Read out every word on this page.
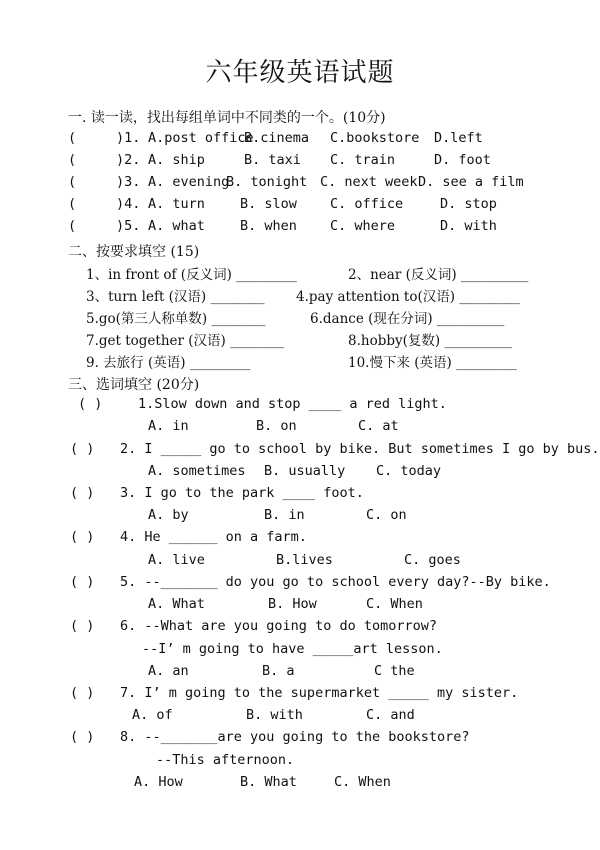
六年级英语试题
一. 读一读，找出每组单词中不同类的一个。(10分)
(	)1. A.post office
B.cinema C.bookstore D.left
(	)2. A. ship	B. taxi C. train	D. foot
(	)3. A. evening
B. tonight C. next week D. see a film
(	)4. A. turn	B. slow C. office	D. stop
(	)5. A. what	B. when C. where	D. with
二、按要求填空 (15)
1、in front of (反义词) _________	2、near (反义词) __________
3、turn left (汉语) ________ 4.pay attention to(汉语) _________
5.go(第三人称单数) ________	6.dance (现在分词) __________
7.get together (汉语) ________	8.hobby(复数) __________
9. 去旅行 (英语) _________	10.慢下来 (英语) _________
三、选词填空 (20分)
( )	1.Slow down and stop ____ a red light.
A. in	B. on	C. at
( ) 2. I _____ go to school by bike. But sometimes I go by bus.
A. sometimes B. usually C. today
( ) 3. I go to the park ____ foot.
A. by	B. in	C. on
( ) 4. He ______ on a farm.
A. live	B.lives	C. goes
( ) 5. --_______ do you go to school every day?--By bike.
A. What	B. How	C. When
( ) 6. --What are you going to do tomorrow?
--I’ m going to have _____art lesson.
A. an	B. a	C the
( ) 7. I’ m going to the supermarket _____ my sister.
A. of	B. with	C. and
( ) 8. --_______are you going to the bookstore?
--This afternoon.
A. How	B. What	C. When
